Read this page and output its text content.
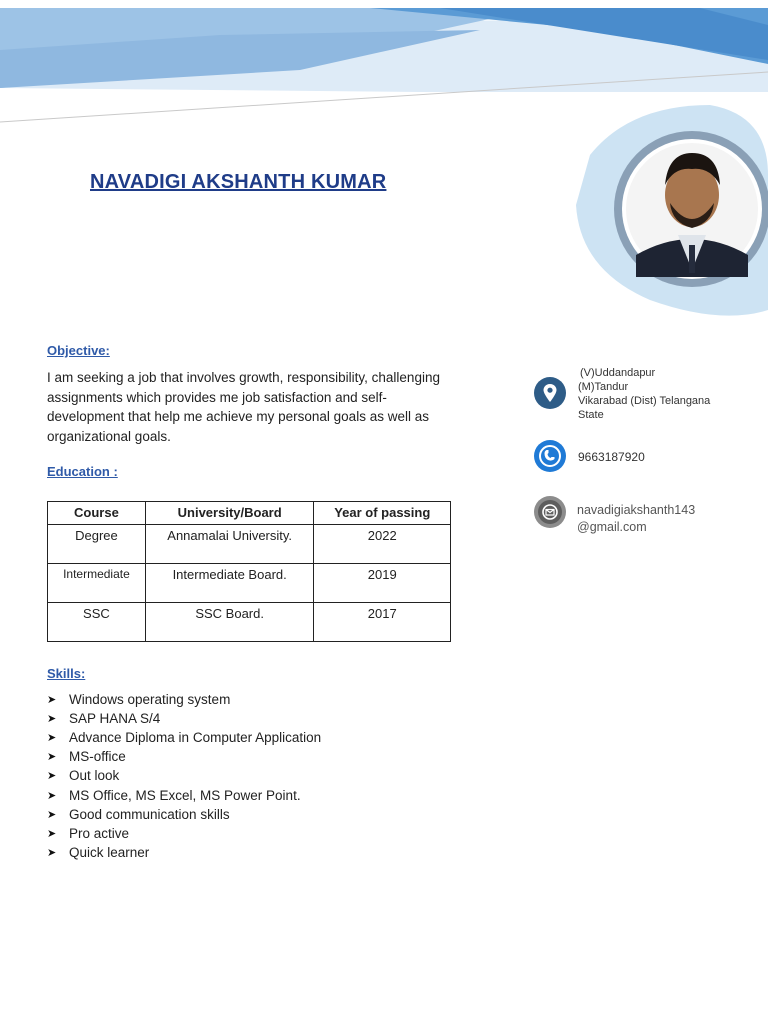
NAVADIGI AKSHANTH KUMAR
Objective:
I am seeking a job that involves growth, responsibility, challenging assignments which provides me job satisfaction and self-development that help me achieve my personal goals as well as organizational goals.
Education :
Course	University/Board	Year of passing
Degree	Annamalai University.	2022
Intermediate	Intermediate Board.	2019
SSC	SSC Board.	2017
Skills:
➤ Windows operating system
➤ SAP HANA S/4
➤ Advance Diploma in Computer Application
➤ MS-office
➤ Out look
➤ MS Office, MS Excel, MS Power Point.
➤ Good communication skills
➤ Pro active
➤ Quick learner
(V)Uddandapur
(M)Tandur
Vikarabad (Dist) Telangana
State
9663187920
navadigiakshanth143
@gmail.com
